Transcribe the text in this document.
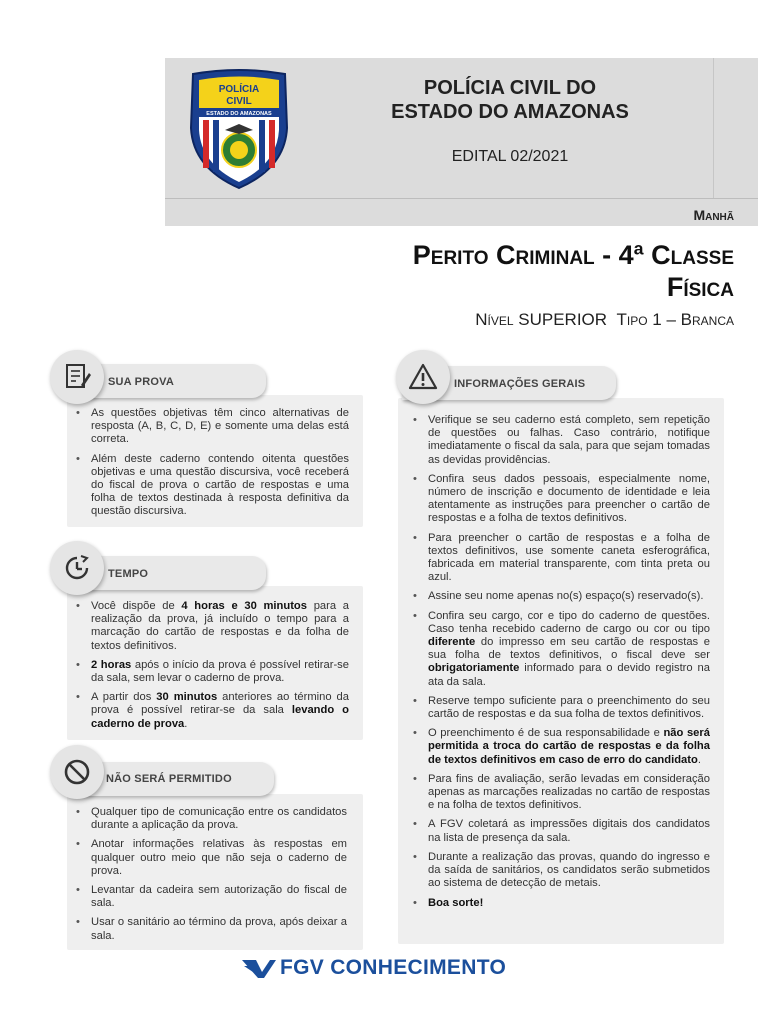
POLÍCIA
CIVIL
ESTADO DO AMAZONAS
POLÍCIA CIVIL DO
ESTADO DO AMAZONAS
EDITAL 02/2021
Manhã
Perito Criminal - 4ª Classe
Física
Nível SUPERIOR Tipo 1 – Branca
• As questões objetivas têm cinco alternativas de resposta (A, B, C, D, E) e somente uma delas está correta.
• Além deste caderno contendo oitenta questões objetivas e uma questão discursiva, você receberá do fiscal de prova o cartão de respostas e uma folha de textos destinada à resposta definitiva da questão discursiva.
SUA PROVA
• Você dispõe de 4 horas e 30 minutos para a realização da prova, já incluído o tempo para a marcação do cartão de respostas e da folha de textos definitivos.
• 2 horas após o início da prova é possível retirar-se da sala, sem levar o caderno de prova.
• A partir dos 30 minutos anteriores ao término da prova é possível retirar-se da sala levando o caderno de prova.
TEMPO
• Qualquer tipo de comunicação entre os candidatos durante a aplicação da prova.
• Anotar informações relativas às respostas em qualquer outro meio que não seja o caderno de prova.
• Levantar da cadeira sem autorização do fiscal de sala.
• Usar o sanitário ao término da prova, após deixar a sala.
NÃO SERÁ PERMITIDO
• Verifique se seu caderno está completo, sem repetição de questões ou falhas. Caso contrário, notifique imediatamente o fiscal da sala, para que sejam tomadas as devidas providências.
• Confira seus dados pessoais, especialmente nome, número de inscrição e documento de identidade e leia atentamente as instruções para preencher o cartão de respostas e a folha de textos definitivos.
• Para preencher o cartão de respostas e a folha de textos definitivos, use somente caneta esferográfica, fabricada em material transparente, com tinta preta ou azul.
• Assine seu nome apenas no(s) espaço(s) reservado(s).
• Confira seu cargo, cor e tipo do caderno de questões. Caso tenha recebido caderno de cargo ou cor ou tipo diferente do impresso em seu cartão de respostas e sua folha de textos definitivos, o fiscal deve ser obrigatoriamente informado para o devido registro na ata da sala.
• Reserve tempo suficiente para o preenchimento do seu cartão de respostas e da sua folha de textos definitivos.
• O preenchimento é de sua responsabilidade e não será permitida a troca do cartão de respostas e da folha de textos definitivos em caso de erro do candidato.
• Para fins de avaliação, serão levadas em consideração apenas as marcações realizadas no cartão de respostas e na folha de textos definitivos.
• A FGV coletará as impressões digitais dos candidatos na lista de presença da sala.
• Durante a realização das provas, quando do ingresso e da saída de sanitários, os candidatos serão submetidos ao sistema de detecção de metais.
• Boa sorte!
INFORMAÇÕES GERAIS
FGV CONHECIMENTO
